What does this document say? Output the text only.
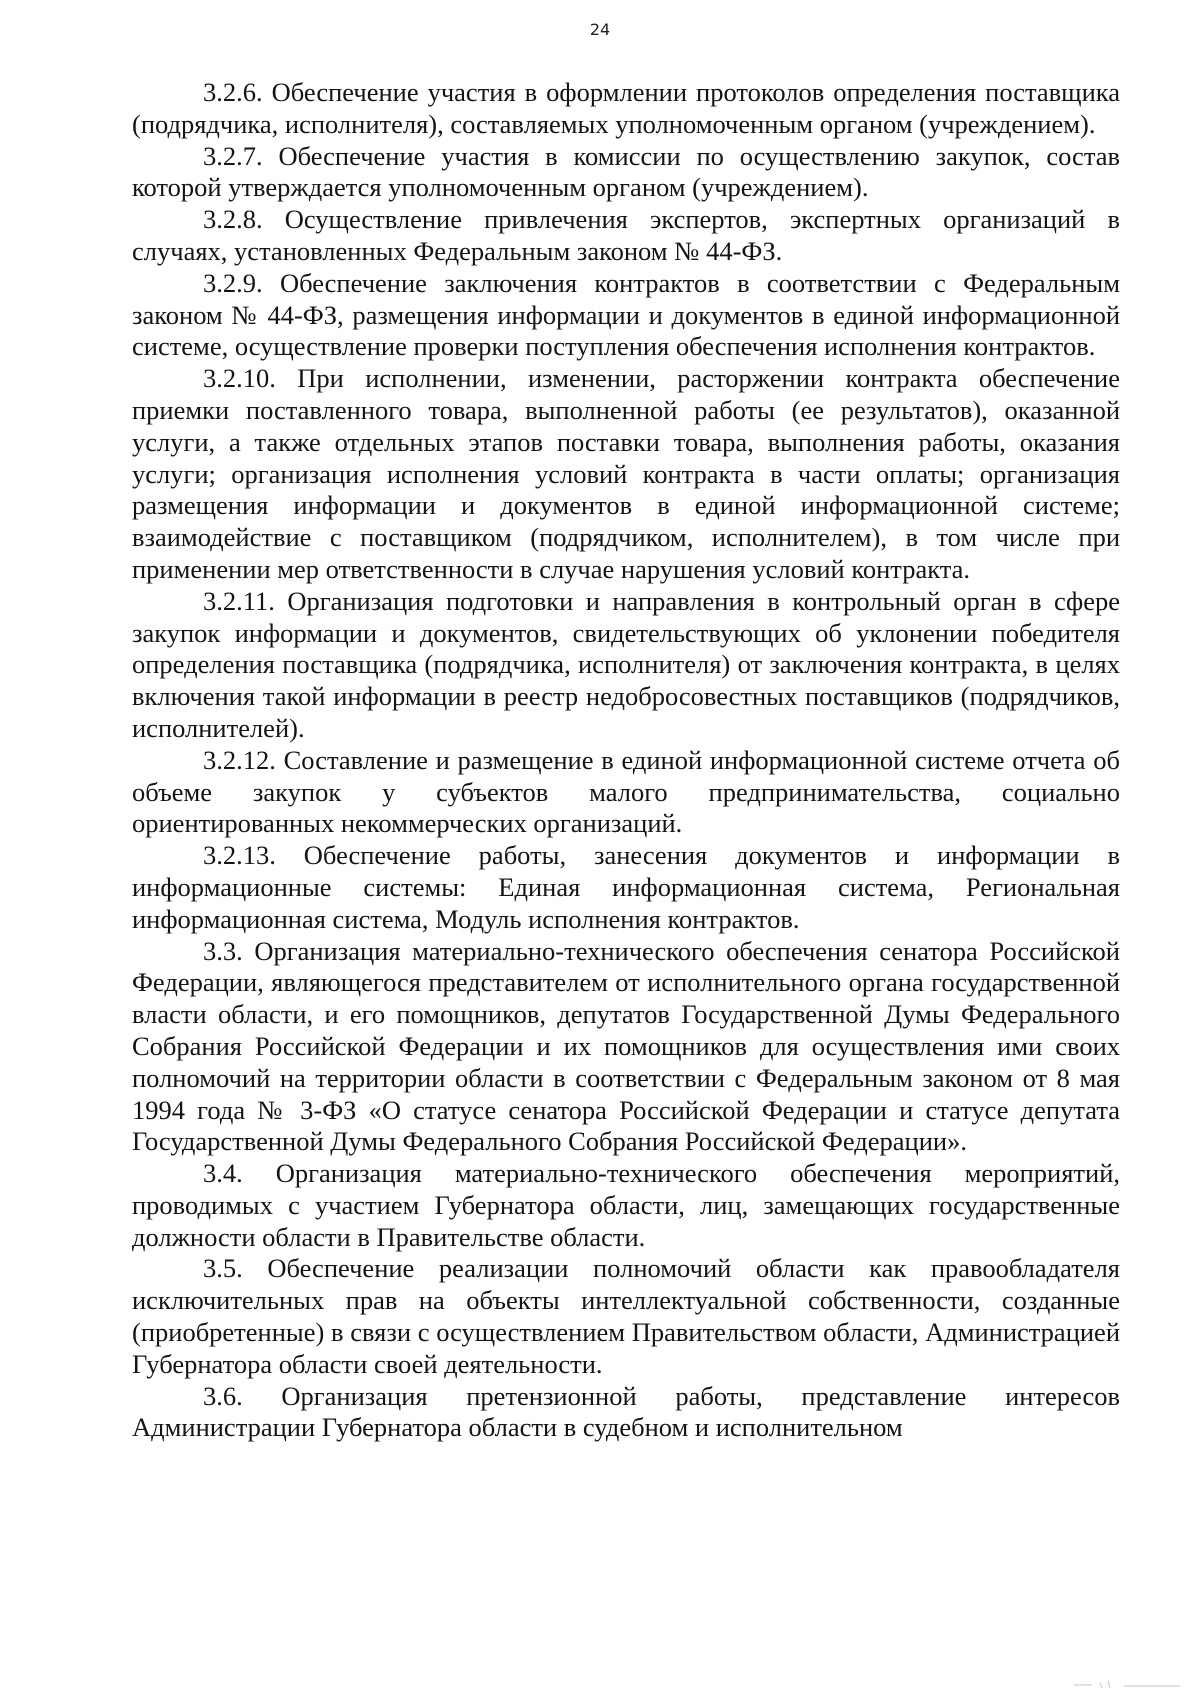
24

3.2.6. Обеспечение участия в оформлении протоколов определения поставщика (подрядчика, исполнителя), составляемых уполномоченным органом (учреждением).

3.2.7. Обеспечение участия в комиссии по осуществлению закупок, состав которой утверждается уполномоченным органом (учреждением).

3.2.8. Осуществление привлечения экспертов, экспертных организаций в случаях, установленных Федеральным законом № 44-ФЗ.

3.2.9. Обеспечение заключения контрактов в соответствии с Федеральным законом № 44-ФЗ, размещения информации и документов в единой информационной системе, осуществление проверки поступления обеспечения исполнения контрактов.

3.2.10. При исполнении, изменении, расторжении контракта обеспечение приемки поставленного товара, выполненной работы (ее результатов), оказанной услуги, а также отдельных этапов поставки товара, выполнения работы, оказания услуги; организация исполнения условий контракта в части оплаты; организация размещения информации и документов в единой информационной системе; взаимодействие с поставщиком (подрядчиком, исполнителем), в том числе при применении мер ответственности в случае нарушения условий контракта.

3.2.11. Организация подготовки и направления в контрольный орган в сфере закупок информации и документов, свидетельствующих об уклонении победителя определения поставщика (подрядчика, исполнителя) от заключения контракта, в целях включения такой информации в реестр недобросовестных поставщиков (подрядчиков, исполнителей).

3.2.12. Составление и размещение в единой информационной системе отчета об объеме закупок у субъектов малого предпринимательства, социально ориентированных некоммерческих организаций.

3.2.13. Обеспечение работы, занесения документов и информации в информационные системы: Единая информационная система, Региональная информационная система, Модуль исполнения контрактов.

3.3. Организация материально-технического обеспечения сенатора Российской Федерации, являющегося представителем от исполнительного органа государственной власти области, и его помощников, депутатов Государственной Думы Федерального Собрания Российской Федерации и их помощников для осуществления ими своих полномочий на территории области в соответствии с Федеральным законом от 8 мая 1994 года № 3-ФЗ «О статусе сенатора Российской Федерации и статусе депутата Государственной Думы Федерального Собрания Российской Федерации».

3.4. Организация материально-технического обеспечения мероприятий, проводимых с участием Губернатора области, лиц, замещающих государственные должности области в Правительстве области.

3.5. Обеспечение реализации полномочий области как правообладателя исключительных прав на объекты интеллектуальной собственности, созданные (приобретенные) в связи с осуществлением Правительством области, Администрацией Губернатора области своей деятельности.

3.6. Организация претензионной работы, представление интересов Администрации Губернатора области в судебном и исполнительном
